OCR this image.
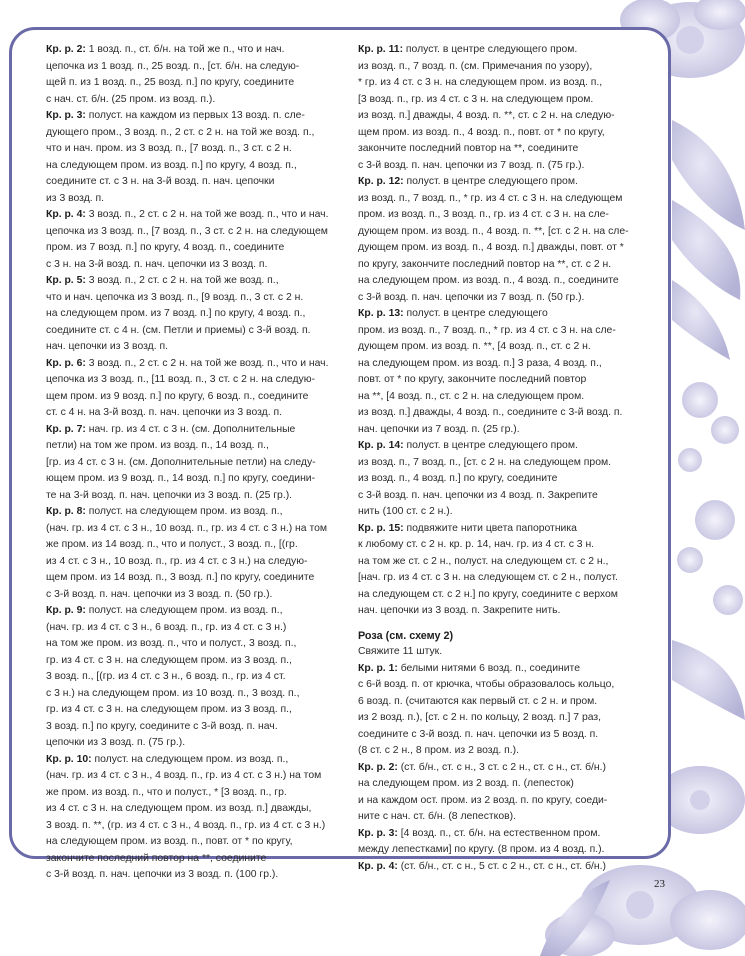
Кр. р. 2: 1 возд. п., ст. б/н. на той же п., что и нач.
цепочка из 1 возд. п., 25 возд. п., [ст. б/н. на следую-
щей п. из 1 возд. п., 25 возд. п.] по кругу, соедините
с нач. ст. б/н. (25 пром. из возд. п.).

Кр. р. 3: полуст. на каждом из первых 13 возд. п. сле-
дующего пром., 3 возд. п., 2 ст. с 2 н. на той же возд. п.,
что и нач. пром. из 3 возд. п., [7 возд. п., 3 ст. с 2 н.
на следующем пром. из возд. п.] по кругу, 4 возд. п.,
соедините ст. с 3 н. на 3-й возд. п. нач. цепочки
из 3 возд. п.

Кр. р. 4: 3 возд. п., 2 ст. с 2 н. на той же возд. п., что и нач.
цепочка из 3 возд. п., [7 возд. п., 3 ст. с 2 н. на следующем
пром. из 7 возд. п.] по кругу, 4 возд. п., соедините
с 3 н. на 3-й возд. п. нач. цепочки из 3 возд. п.

Кр. р. 5: 3 возд. п., 2 ст. с 2 н. на той же возд. п.,
что и нач. цепочка из 3 возд. п., [9 возд. п., 3 ст. с 2 н.
на следующем пром. из 7 возд. п.] по кругу, 4 возд. п.,
соедините ст. с 4 н. (см. Петли и приемы) с 3-й возд. п.
нач. цепочки из 3 возд. п.

Кр. р. 6: 3 возд. п., 2 ст. с 2 н. на той же возд. п., что и нач.
цепочка из 3 возд. п., [11 возд. п., 3 ст. с 2 н. на следую-
щем пром. из 9 возд. п.] по кругу, 6 возд. п., соедините
ст. с 4 н. на 3-й возд. п. нач. цепочки из 3 возд. п.

Кр. р. 7: нач. гр. из 4 ст. с 3 н. (см. Дополнительные
петли) на том же пром. из возд. п., 14 возд. п.,
[гр. из 4 ст. с 3 н. (см. Дополнительные петли) на следу-
ющем пром. из 9 возд. п., 14 возд. п.] по кругу, соедини-
те на 3-й возд. п. нач. цепочки из 3 возд. п. (25 гр.).

Кр. р. 8: полуст. на следующем пром. из возд. п.,
(нач. гр. из 4 ст. с 3 н., 10 возд. п., гр. из 4 ст. с 3 н.) на том
же пром. из 14 возд. п., что и полуст., 3 возд. п., [(гр.
из 4 ст. с 3 н., 10 возд. п., гр. из 4 ст. с 3 н.) на следую-
щем пром. из 14 возд. п., 3 возд. п.] по кругу, соедините
с 3-й возд. п. нач. цепочки из 3 возд. п. (50 гр.).

Кр. р. 9: полуст. на следующем пром. из возд. п.,
(нач. гр. из 4 ст. с 3 н., 6 возд. п., гр. из 4 ст. с 3 н.)
на том же пром. из возд. п., что и полуст., 3 возд. п.,
гр. из 4 ст. с 3 н. на следующем пром. из 3 возд. п.,
3 возд. п., [(гр. из 4 ст. с 3 н., 6 возд. п., гр. из 4 ст.
с 3 н.) на следующем пром. из 10 возд. п., 3 возд. п.,
гр. из 4 ст. с 3 н. на следующем пром. из 3 возд. п.,
3 возд. п.] по кругу, соедините с 3-й возд. п. нач.
цепочки из 3 возд. п. (75 гр.).

Кр. р. 10: полуст. на следующем пром. из возд. п.,
(нач. гр. из 4 ст. с 3 н., 4 возд. п., гр. из 4 ст. с 3 н.) на том
же пром. из возд. п., что и полуст., * [3 возд. п., гр.
из 4 ст. с 3 н. на следующем пром. из возд. п.] дважды,
3 возд. п. **, (гр. из 4 ст. с 3 н., 4 возд. п., гр. из 4 ст. с 3 н.)
на следующем пром. из возд. п., повт. от * по кругу,
закончите последний повтор на **, соедините
с 3-й возд. п. нач. цепочки из 3 возд. п. (100 гр.).

Кр. р. 11: полуст. в центре следующего пром.
из возд. п., 7 возд. п. (см. Примечания по узору),
* гр. из 4 ст. с 3 н. на следующем пром. из возд. п.,
[3 возд. п., гр. из 4 ст. с 3 н. на следующем пром.
из возд. п.] дважды, 4 возд. п. **, ст. с 2 н. на следую-
щем пром. из возд. п., 4 возд. п., повт. от * по кругу,
закончите последний повтор на **, соедините
с 3-й возд. п. нач. цепочки из 7 возд. п. (75 гр.).

Кр. р. 12: полуст. в центре следующего пром.
из возд. п., 7 возд. п., * гр. из 4 ст. с 3 н. на следующем
пром. из возд. п., 3 возд. п., гр. из 4 ст. с 3 н. на сле-
дующем пром. из возд. п., 4 возд. п. **, [ст. с 2 н. на сле-
дующем пром. из возд. п., 4 возд. п.] дважды, повт. от *
по кругу, закончите последний повтор на **, ст. с 2 н.
на следующем пром. из возд. п., 4 возд. п., соедините
с 3-й возд. п. нач. цепочки из 7 возд. п. (50 гр.).

Кр. р. 13: полуст. в центре следующего
пром. из возд. п., 7 возд. п., * гр. из 4 ст. с 3 н. на сле-
дующем пром. из возд. п. **, [4 возд. п., ст. с 2 н.
на следующем пром. из возд. п.] 3 раза, 4 возд. п.,
повт. от * по кругу, закончите последний повтор
на **, [4 возд. п., ст. с 2 н. на следующем пром.
из возд. п.] дважды, 4 возд. п., соедините с 3-й возд. п.
нач. цепочки из 7 возд. п. (25 гр.).

Кр. р. 14: полуст. в центре следующего пром.
из возд. п., 7 возд. п., [ст. с 2 н. на следующем пром.
из возд. п., 4 возд. п.] по кругу, соедините
с 3-й возд. п. нач. цепочки из 4 возд. п. Закрепите
нить (100 ст. с 2 н.).

Кр. р. 15: подвяжите нити цвета папоротника
к любому ст. с 2 н. кр. р. 14, нач. гр. из 4 ст. с 3 н.
на том же ст. с 2 н., полуст. на следующем ст. с 2 н.,
[нач. гр. из 4 ст. с 3 н. на следующем ст. с 2 н., полуст.
на следующем ст. с 2 н.] по кругу, соедините с верхом
нач. цепочки из 3 возд. п. Закрепите нить.

Роза (см. схему 2)
Свяжите 11 штук.

Кр. р. 1: белыми нитями 6 возд. п., соедините
с 6-й возд. п. от крючка, чтобы образовалось кольцо,
6 возд. п. (считаются как первый ст. с 2 н. и пром.
из 2 возд. п.), [ст. с 2 н. по кольцу, 2 возд. п.] 7 раз,
соедините с 3-й возд. п. нач. цепочки из 5 возд. п.
(8 ст. с 2 н., 8 пром. из 2 возд. п.).

Кр. р. 2: (ст. б/н., ст. с н., 3 ст. с 2 н., ст. с н., ст. б/н.)
на следующем пром. из 2 возд. п. (лепесток)
и на каждом ост. пром. из 2 возд. п. по кругу, соеди-
ните с нач. ст. б/н. (8 лепестков).

Кр. р. 3: [4 возд. п., ст. б/н. на естественном пром.
между лепестками] по кругу. (8 пром. из 4 возд. п.).

Кр. р. 4: (ст. б/н., ст. с н., 5 ст. с 2 н., ст. с н., ст. б/н.)

23
